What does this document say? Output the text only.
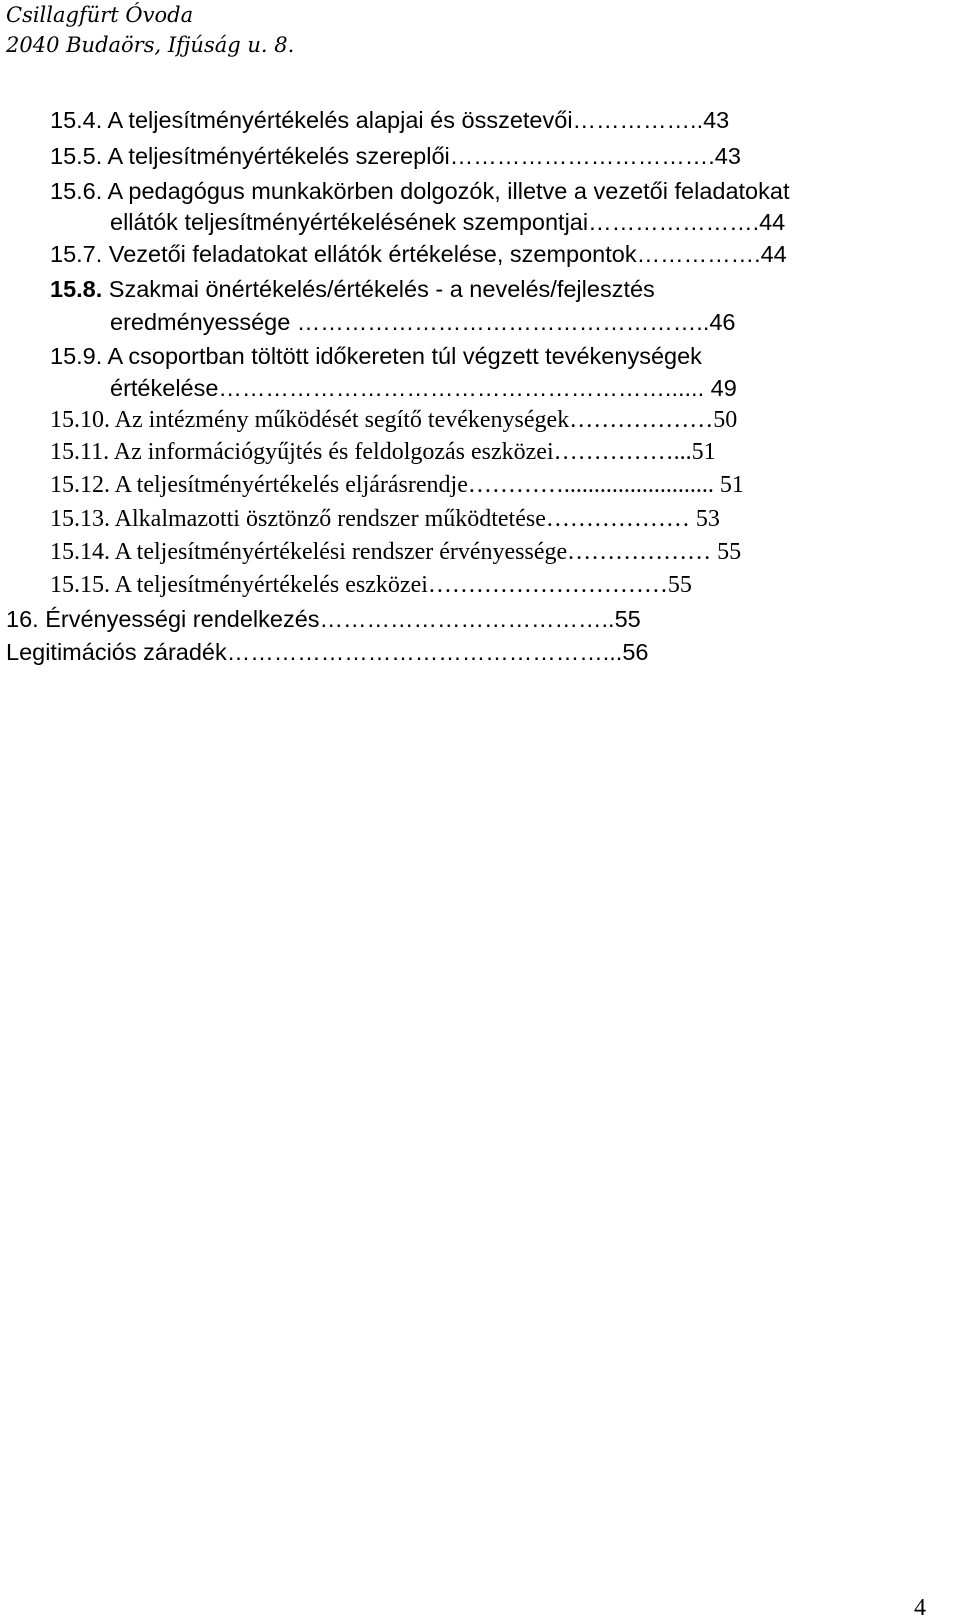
Csillagfürt Óvoda
2040 Budaörs, Ifjúság u. 8.
15.4. A teljesítményértékelés alapjai és összetevői……………..43
15.5. A teljesítményértékelés szereplői…………………………….43
15.6. A pedagógus munkakörben dolgozók, illetve a vezetői feladatokat
ellátók teljesítményértékelésének szempontjai………………….44
15.7. Vezetői feladatokat ellátók értékelése, szempontok…………….44
15.8. Szakmai önértékelés/értékelés - a nevelés/fejlesztés
eredményessége ……………………………………………..46
15.9. A csoportban töltött időkereten túl végzett tevékenységek
értékelése…………………………………………………...... 49
15.10. Az intézmény működését segítő tevékenységek………………50
15.11. Az információgyűjtés és feldolgozás eszközei……………...51
15.12. A teljesítményértékelés eljárásrendje…………......................... 51
15.13. Alkalmazotti ösztönző rendszer működtetése……………… 53
15.14. A teljesítményértékelési rendszer érvényessége……………… 55
15.15. A teljesítményértékelés eszközei…………………………55
16. Érvényességi rendelkezés………………………………..55
Legitimációs záradék…………………………………………...56
4
